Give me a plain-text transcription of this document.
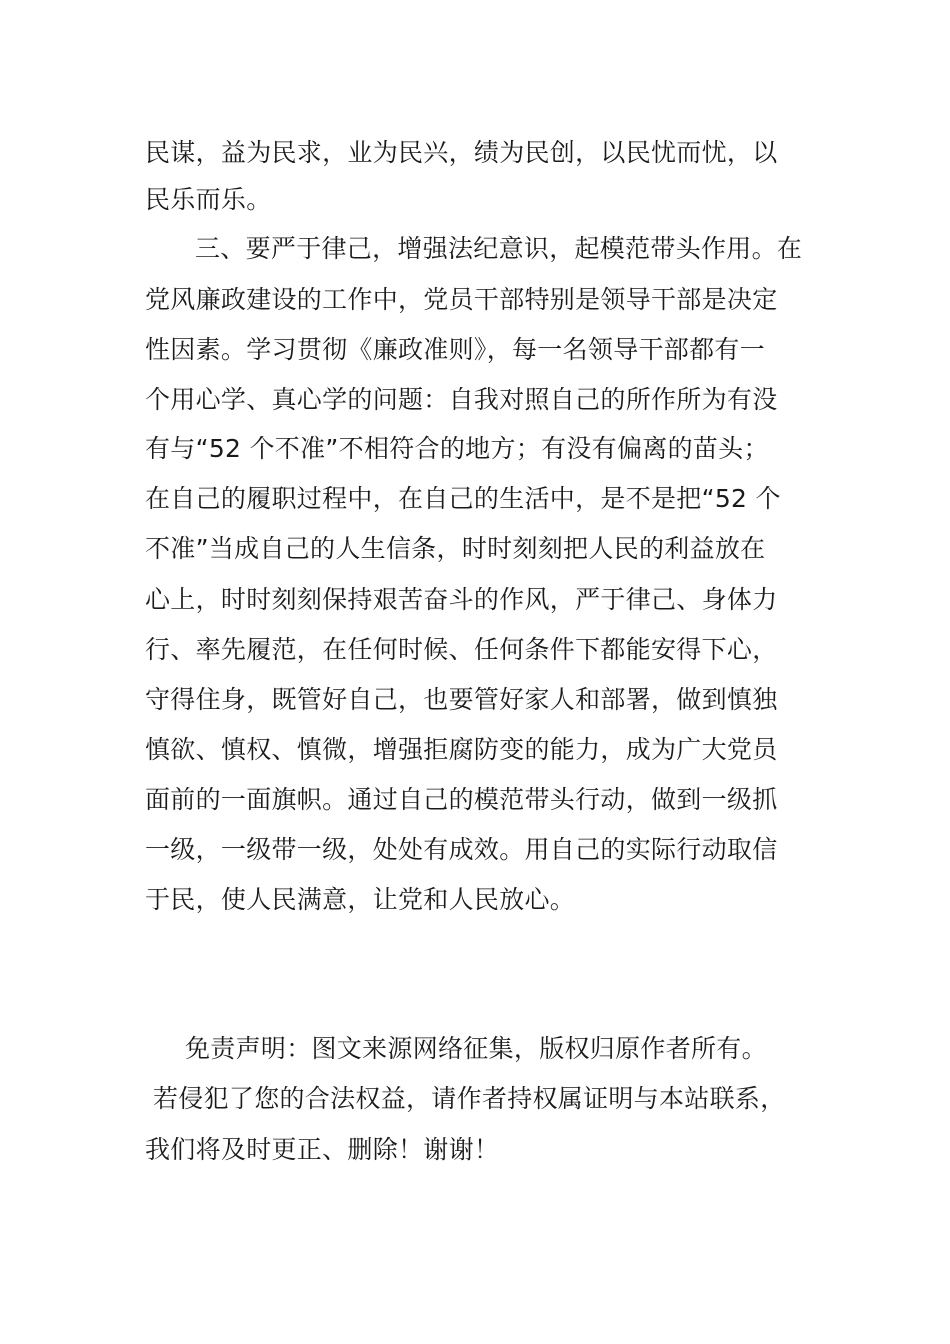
民谋，益为民求，业为民兴，绩为民创，以民忧而忧，以
民乐而乐。
三、要严于律己，增强法纪意识，起模范带头作用。在
党风廉政建设的工作中，党员干部特别是领导干部是决定
性因素。学习贯彻《廉政准则》，每一名领导干部都有一
个用心学、真心学的问题：自我对照自己的所作所为有没
有与“52 个不准”不相符合的地方；有没有偏离的苗头；
在自己的履职过程中，在自己的生活中，是不是把“52 个
不准”当成自己的人生信条，时时刻刻把人民的利益放在
心上，时时刻刻保持艰苦奋斗的作风，严于律己、身体力
行、率先履范，在任何时候、任何条件下都能安得下心，
守得住身，既管好自己，也要管好家人和部署，做到慎独
慎欲、慎权、慎微，增强拒腐防变的能力，成为广大党员
面前的一面旗帜。通过自己的模范带头行动，做到一级抓
一级，一级带一级，处处有成效。用自己的实际行动取信
于民，使人民满意，让党和人民放心。
免责声明：图文来源网络征集，版权归原作者所有。
若侵犯了您的合法权益，请作者持权属证明与本站联系，
我们将及时更正、删除！谢谢！
